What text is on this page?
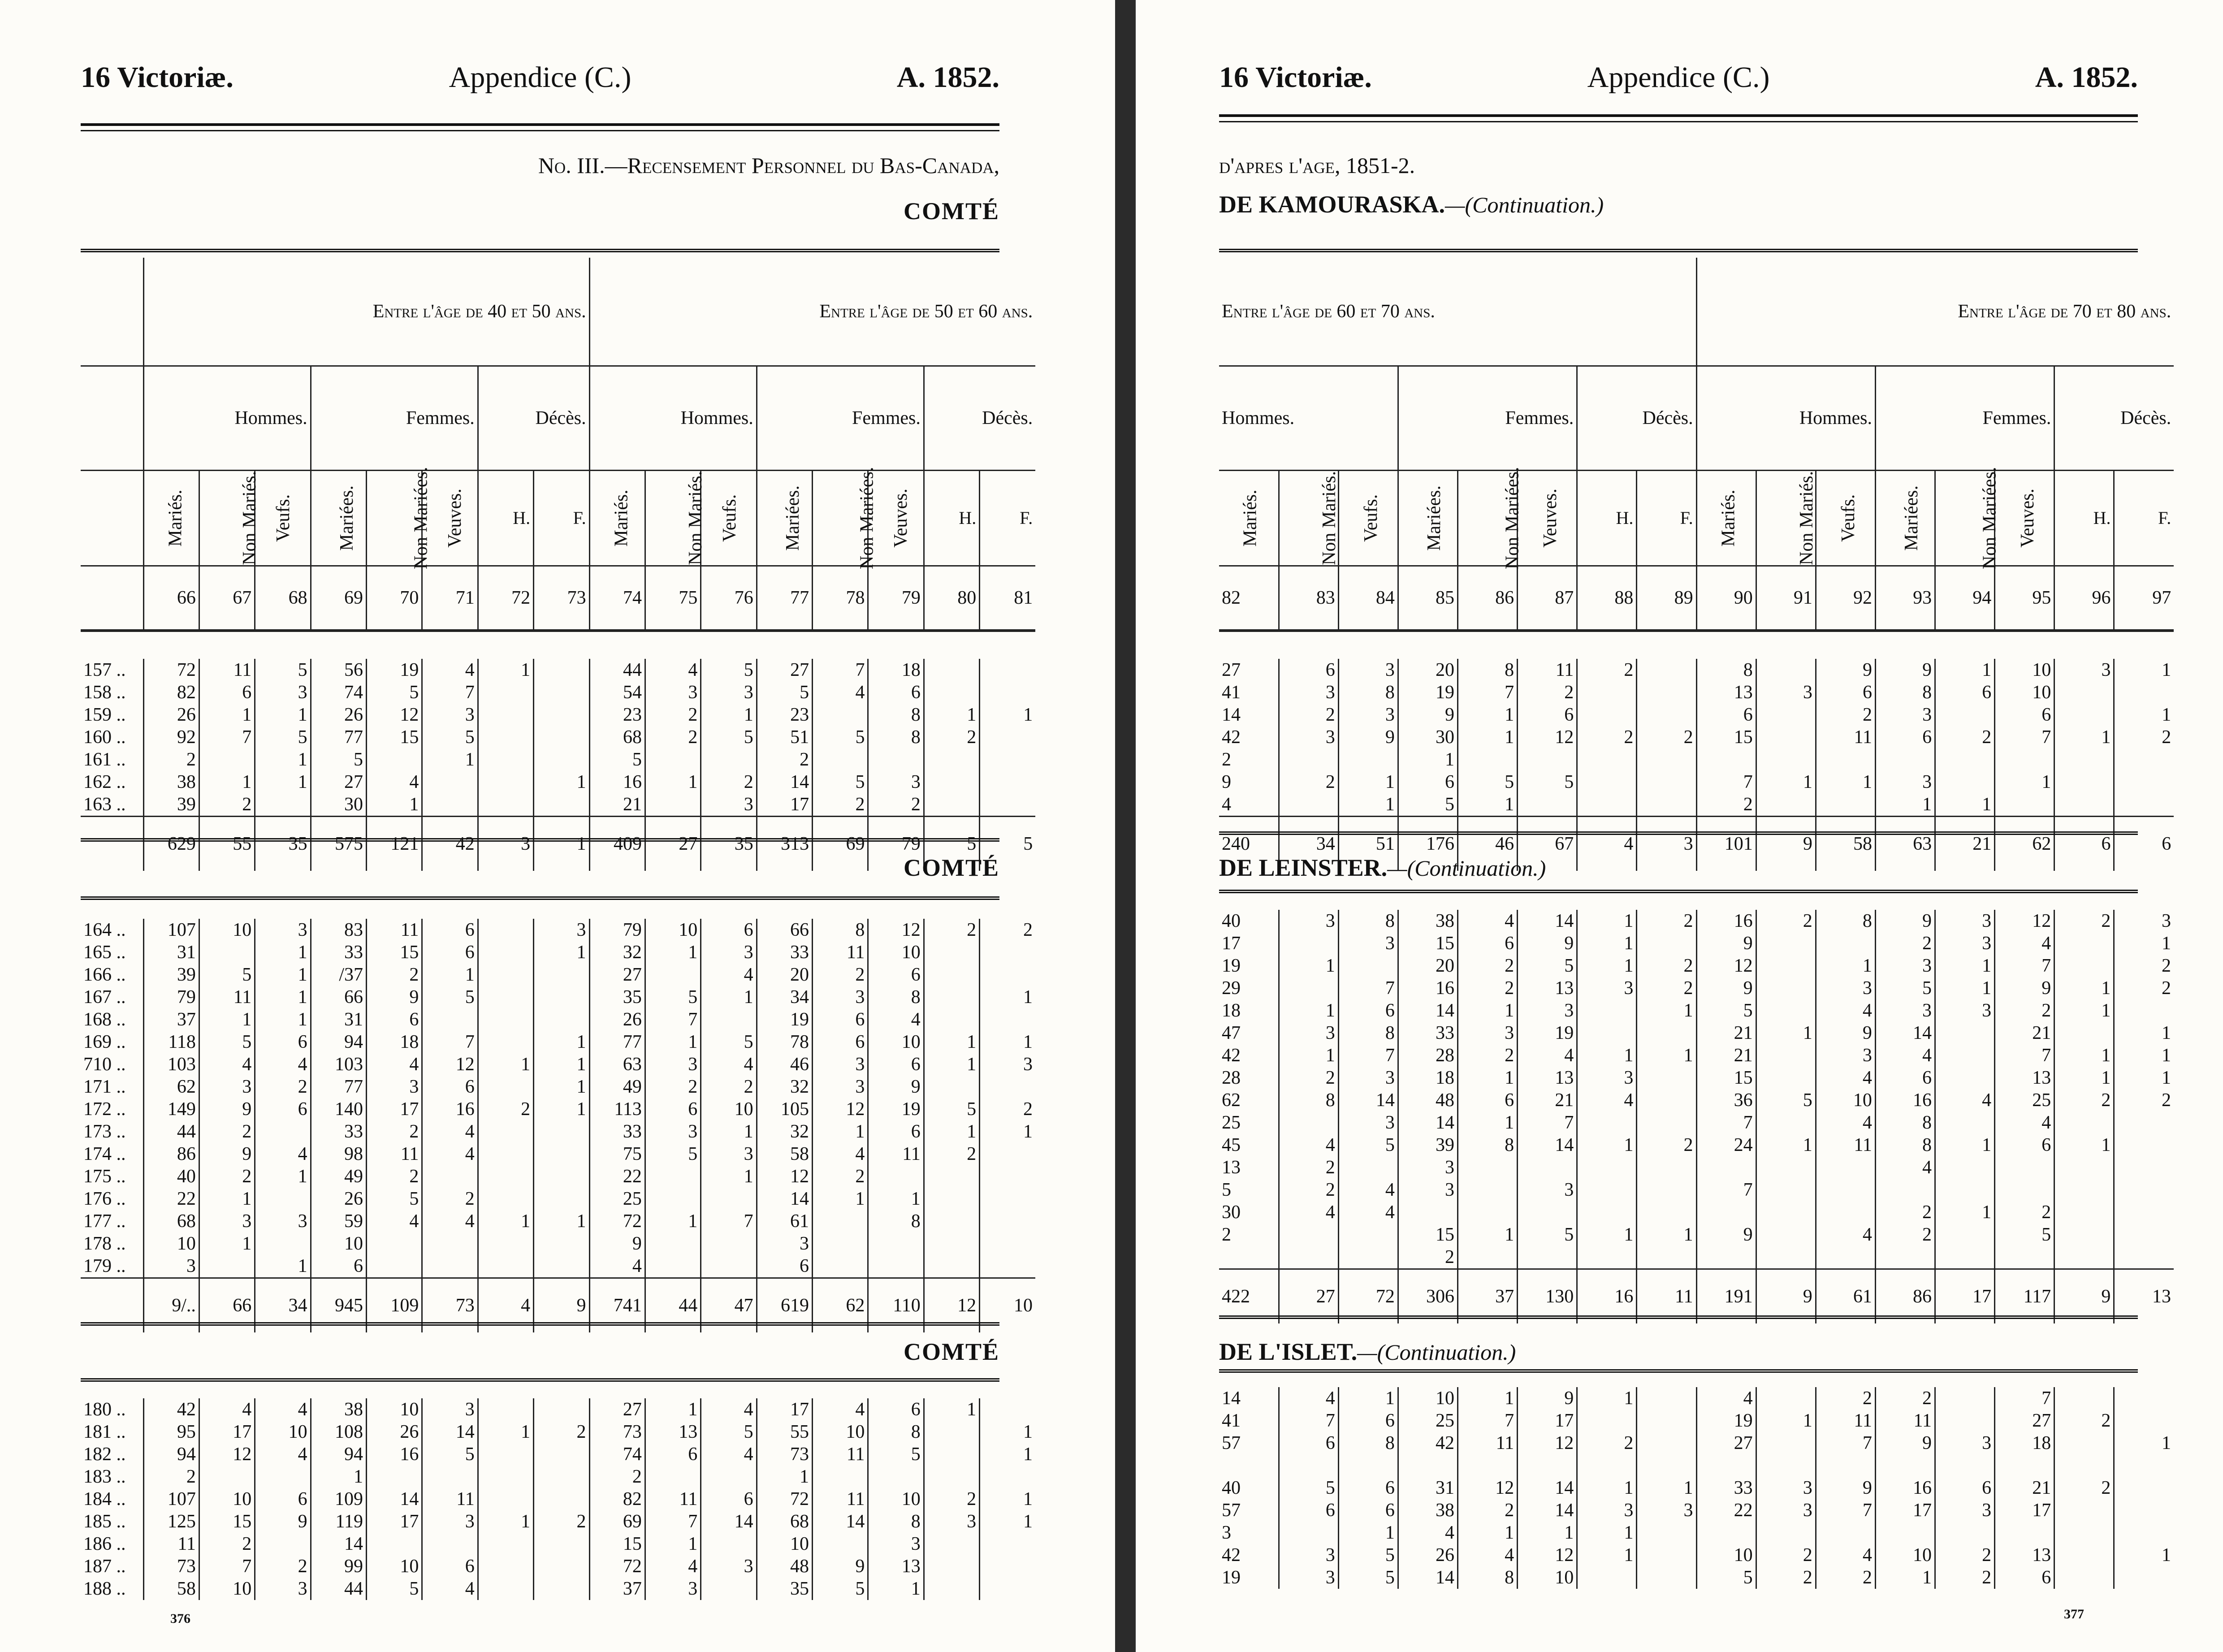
16 Victoriæ.	Appendice (C.)	A. 1852.
No. III.—Recensement Personnel du Bas-Canada,
COMTÉ
	Entre l'âge de 40 et 50 ans.								Entre l'âge de 50 et 60 ans.							
	Hommes.			Femmes.			Décès.		Hommes.			Femmes.			Décès.	
	Mariés.	Non Mariés.	Veufs.	Mariées.	Non Mariées.	Veuves.	H.	F.	Mariés.	Non Mariés.	Veufs.	Mariées.	Non Mariées.	Veuves.	H.	F.
	66	67	68	69	70	71	72	73	74	75	76	77	78	79	80	81

157 ..	72	11	5	56	19	4	1		44	4	5	27	7	18		
158 ..	82	6	3	74	5	7			54	3	3	5	4	6		
159 ..	26	1	1	26	12	3			23	2	1	23		8	1	1
160 ..	92	7	5	77	15	5			68	2	5	51	5	8	2	
161 ..	2		1	5		1			5			2				
162 ..	38	1	1	27	4			1	16	1	2	14	5	3		
163 ..	39	2		30	1				21		3	17	2	2		
	629	55	35	575	121	42	3	1	409	27	35	313	69	79	5	5
COMTÉ
164 ..	107	10	3	83	11	6		3	79	10	6	66	8	12	2	2
165 ..	31		1	33	15	6		1	32	1	3	33	11	10		
166 ..	39	5	1	/37	2	1			27		4	20	2	6		
167 ..	79	11	1	66	9	5			35	5	1	34	3	8		1
168 ..	37	1	1	31	6				26	7		19	6	4		
169 ..	118	5	6	94	18	7		1	77	1	5	78	6	10	1	1
710 ..	103	4	4	103	4	12	1	1	63	3	4	46	3	6	1	3
171 ..	62	3	2	77	3	6		1	49	2	2	32	3	9		
172 ..	149	9	6	140	17	16	2	1	113	6	10	105	12	19	5	2
173 ..	44	2		33	2	4			33	3	1	32	1	6	1	1
174 ..	86	9	4	98	11	4			75	5	3	58	4	11	2	
175 ..	40	2	1	49	2				22		1	12	2			
176 ..	22	1		26	5	2			25			14	1	1		
177 ..	68	3	3	59	4	4	1	1	72	1	7	61		8		
178 ..	10	1		10					9			3				
179 ..	3		1	6					4			6				
	9/..	66	34	945	109	73	4	9	741	44	47	619	62	110	12	10
COMTÉ
180 ..	42	4	4	38	10	3			27	1	4	17	4	6	1	
181 ..	95	17	10	108	26	14	1	2	73	13	5	55	10	8		1
182 ..	94	12	4	94	16	5			74	6	4	73	11	5		1
183 ..	2			1					2			1				
184 ..	107	10	6	109	14	11			82	11	6	72	11	10	2	1
185 ..	125	15	9	119	17	3	1	2	69	7	14	68	14	8	3	1
186 ..	11	2		14					15	1		10		3		
187 ..	73	7	2	99	10	6			72	4	3	48	9	13		
188 ..	58	10	3	44	5	4			37	3		35	5	1		
376
16 Victoriæ.	Appendice (C.)	A. 1852.
d'apres l'age, 1851-2.
DE KAMOURASKA.—(Continuation.)
Entre l'âge de 60 et 70 ans.								Entre l'âge de 70 et 80 ans.							
Hommes.			Femmes.			Décès.		Hommes.			Femmes.			Décès.	
Mariés.	Non Mariés.	Veufs.	Mariées.	Non Mariées.	Veuves.	H.	F.	Mariés.	Non Mariés.	Veufs.	Mariées.	Non Mariées.	Veuves.	H.	F.
82	83	84	85	86	87	88	89	90	91	92	93	94	95	96	97

27	6	3	20	8	11	2		8		9	9	1	10	3	1
41	3	8	19	7	2			13	3	6	8	6	10		
14	2	3	9	1	6			6		2	3		6		1
42	3	9	30	1	12	2	2	15		11	6	2	7	1	2
2			1												
9	2	1	6	5	5			7	1	1	3		1		
4		1	5	1				2			1	1			
240	34	51	176	46	67	4	3	101	9	58	63	21	62	6	6
DE LEINSTER.—(Continuation.)
40	3	8	38	4	14	1	2	16	2	8	9	3	12	2	3
17		3	15	6	9	1		9			2	3	4		1
19	1		20	2	5	1	2	12		1	3	1	7		2
29		7	16	2	13	3	2	9		3	5	1	9	1	2
18	1	6	14	1	3		1	5		4	3	3	2	1	
47	3	8	33	3	19			21	1	9	14		21		1
42	1	7	28	2	4	1	1	21		3	4		7	1	1
28	2	3	18	1	13	3		15		4	6		13	1	1
62	8	14	48	6	21	4		36	5	10	16	4	25	2	2
25		3	14	1	7			7		4	8		4		
45	4	5	39	8	14	1	2	24	1	11	8	1	6	1	
13	2		3								4				
5	2	4	3		3			7							
30	4	4									2	1	2		
2			15	1	5	1	1	9		4	2		5		
			2												
422	27	72	306	37	130	16	11	191	9	61	86	17	117	9	13
DE L'ISLET.—(Continuation.)
14	4	1	10	1	9	1		4		2	2		7		
41	7	6	25	7	17			19	1	11	11		27	2	
57	6	8	42	11	12	2		27		7	9	3	18		1

40	5	6	31	12	14	1	1	33	3	9	16	6	21	2	
57	6	6	38	2	14	3	3	22	3	7	17	3	17		
3		1	4	1	1	1									
42	3	5	26	4	12	1		10	2	4	10	2	13		1
19	3	5	14	8	10			5	2	2	1	2	6		
377
